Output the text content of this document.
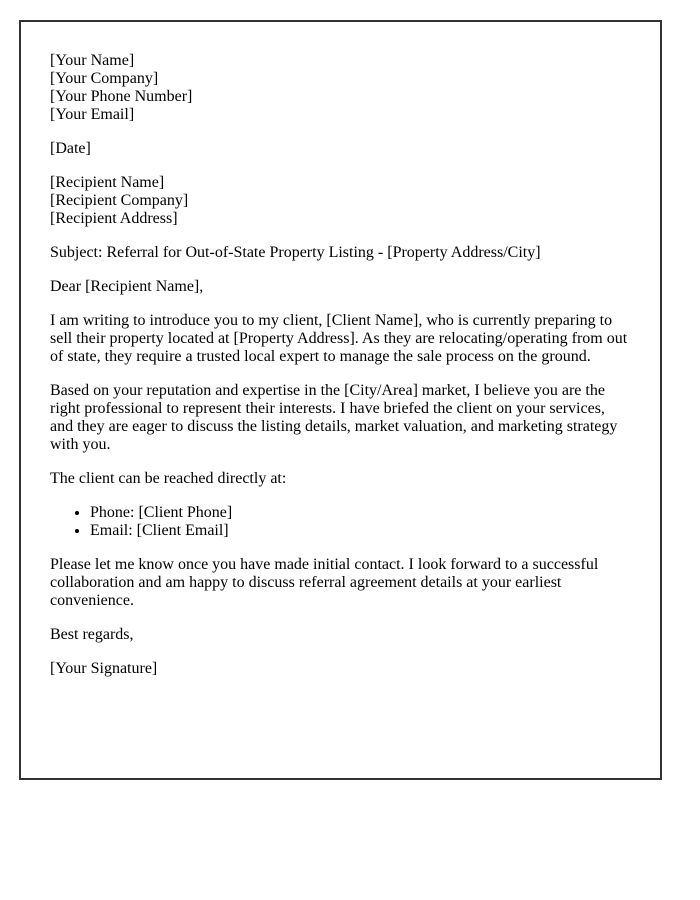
[Your Name]
[Your Company]
[Your Phone Number]
[Your Email]

[Date]

[Recipient Name]
[Recipient Company]
[Recipient Address]

Subject: Referral for Out-of-State Property Listing - [Property Address/City]

Dear [Recipient Name],

I am writing to introduce you to my client, [Client Name], who is currently preparing to sell their property located at [Property Address]. As they are relocating/operating from out of state, they require a trusted local expert to manage the sale process on the ground.

Based on your reputation and expertise in the [City/Area] market, I believe you are the right professional to represent their interests. I have briefed the client on your services, and they are eager to discuss the listing details, market valuation, and marketing strategy with you.

The client can be reached directly at:

• Phone: [Client Phone]
• Email: [Client Email]

Please let me know once you have made initial contact. I look forward to a successful collaboration and am happy to discuss referral agreement details at your earliest convenience.

Best regards,

[Your Signature]
